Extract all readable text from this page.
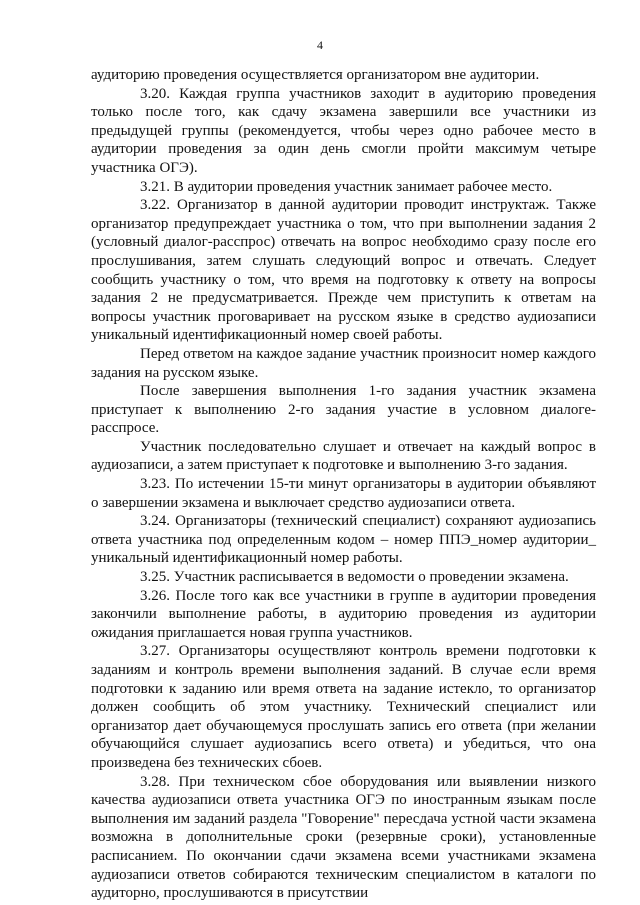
4

аудиторию проведения осуществляется организатором вне аудитории.

3.20. Каждая группа участников заходит в аудиторию проведения только после того, как сдачу экзамена завершили все участники из предыдущей группы (рекомендуется, чтобы через одно рабочее место в аудитории проведения за один день смогли пройти максимум четыре участника ОГЭ).

3.21. В аудитории проведения участник занимает рабочее место.

3.22. Организатор в данной аудитории проводит инструктаж. Также организатор предупреждает участника о том, что при выполнении задания 2 (условный диалог-расспрос) отвечать на вопрос необходимо сразу после его прослушивания, затем слушать следующий вопрос и отвечать. Следует сообщить участнику о том, что время на подготовку к ответу на вопросы задания 2 не предусматривается. Прежде чем приступить к ответам на вопросы участник проговаривает на русском языке в средство аудиозаписи уникальный идентификационный номер своей работы.

Перед ответом на каждое задание участник произносит номер каждого задания на русском языке.

После завершения выполнения 1-го задания участник экзамена приступает к выполнению 2-го задания участие в условном диалоге-расспросе.

Участник последовательно слушает и отвечает на каждый вопрос в аудиозаписи, а затем приступает к подготовке и выполнению 3-го задания.

3.23. По истечении 15-ти минут организаторы в аудитории объявляют о завершении экзамена и выключает средство аудиозаписи ответа.

3.24. Организаторы (технический специалист) сохраняют аудиозапись ответа участника под определенным кодом – номер ППЭ_номер аудитории_ уникальный идентификационный номер работы.

3.25. Участник расписывается в ведомости о проведении экзамена.

3.26. После того как все участники в группе в аудитории проведения закончили выполнение работы, в аудиторию проведения из аудитории ожидания приглашается новая группа участников.

3.27. Организаторы осуществляют контроль времени подготовки к заданиям и контроль времени выполнения заданий. В случае если время подготовки к заданию или время ответа на задание истекло, то организатор должен сообщить об этом участнику. Технический специалист или организатор дает обучающемуся прослушать запись его ответа (при желании обучающийся слушает аудиозапись всего ответа) и убедиться, что она произведена без технических сбоев.

3.28. При техническом сбое оборудования или выявлении низкого качества аудиозаписи ответа участника ОГЭ по иностранным языкам после выполнения им заданий раздела "Говорение" пересдача устной части экзамена возможна в дополнительные сроки (резервные сроки), установленные расписанием. По окончании сдачи экзамена всеми участниками экзамена аудиозаписи ответов собираются техническим специалистом в каталоги по аудиторно, прослушиваются в присутствии
